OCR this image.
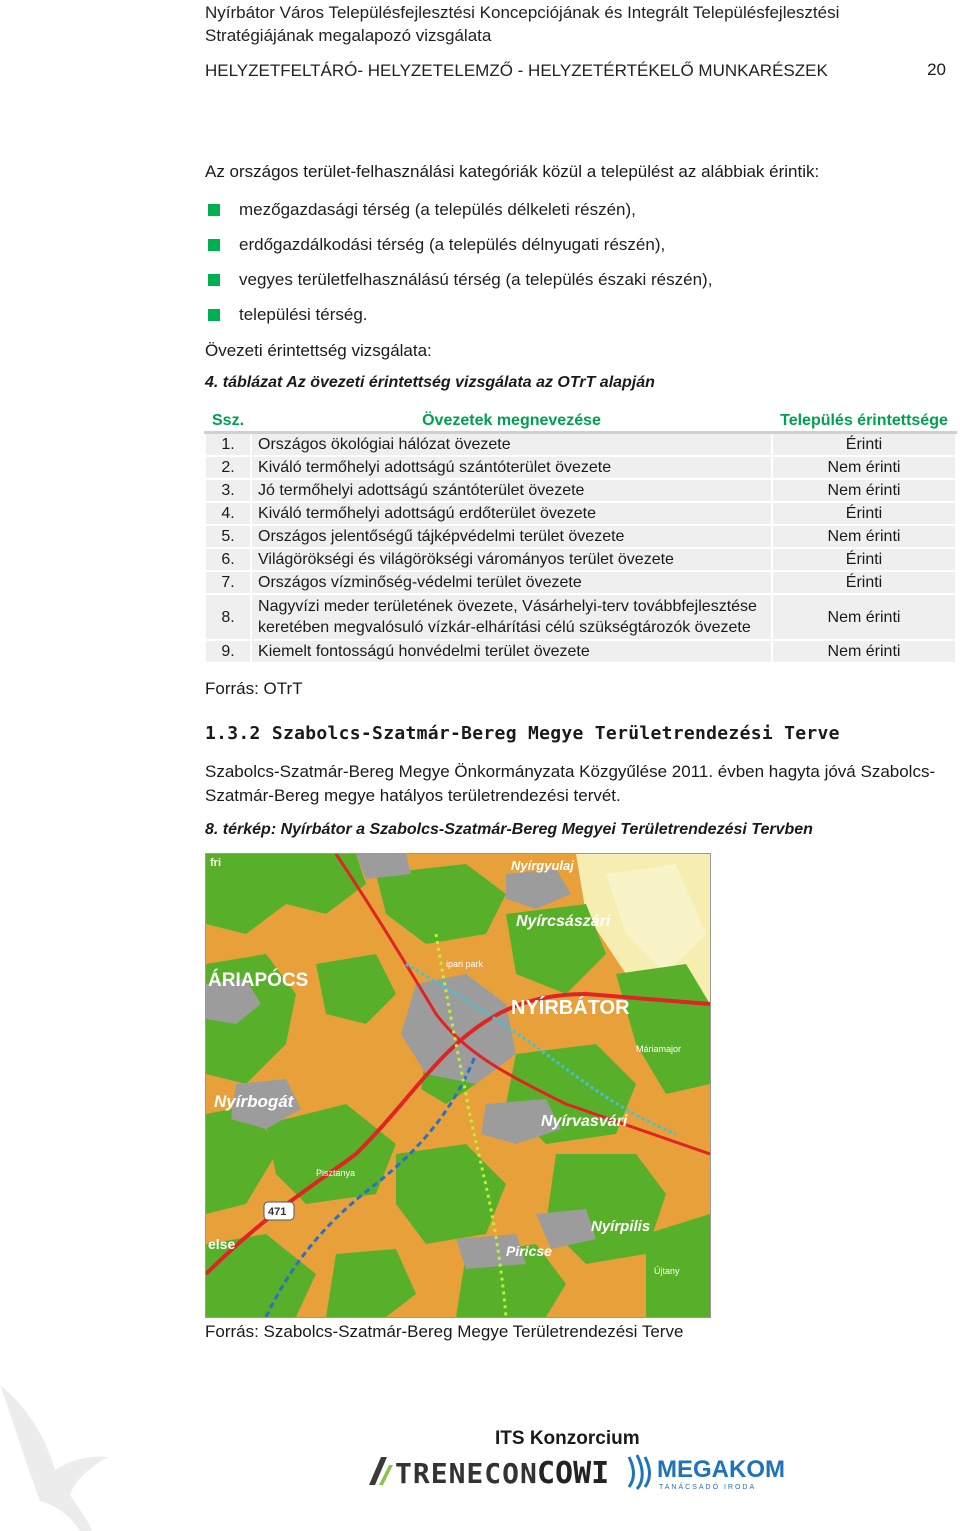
Nyírbátor Város Településfejlesztési Koncepciójának és Integrált Településfejlesztési
Stratégiájának megalapozó vizsgálata
HELYZETFELTÁRÓ- HELYZETELEMZŐ - HELYZETÉRTÉKELŐ MUNKARÉSZEK	20
Az országos terület-felhasználási kategóriák közül a települést az alábbiak érintik:
mezőgazdasági térség (a település délkeleti részén),
erdőgazdálkodási térség (a település délnyugati részén),
vegyes területfelhasználású térség (a település északi részén),
települési térség.
Övezeti érintettség vizsgálata:
4. táblázat Az övezeti érintettség vizsgálata az OTrT alapján
Ssz.	Övezetek megnevezése	Település érintettsége
1.	Országos ökológiai hálózat övezete	Érinti
2.	Kiváló termőhelyi adottságú szántóterület övezete	Nem érinti
3.	Jó termőhelyi adottságú szántóterület övezete	Nem érinti
4.	Kiváló termőhelyi adottságú erdőterület övezete	Érinti
5.	Országos jelentőségű tájképvédelmi terület övezete	Nem érinti
6.	Világörökségi és világörökségi várományos terület övezete	Érinti
7.	Országos vízminőség-védelmi terület övezete	Érinti
8.	Nagyvízi meder területének övezete, Vásárhelyi-terv továbbfejlesztése
keretében megvalósuló vízkár-elhárítási célú szükségtározók övezete	Nem érinti
9.	Kiemelt fontosságú honvédelmi terület övezete	Nem érinti
Forrás: OTrT
1.3.2 Szabolcs-Szatmár-Bereg Megye Területrendezési Terve
Szabolcs-Szatmár-Bereg Megye Önkormányzata Közgyűlése 2011. évben hagyta jóvá Szabolcs-Szatmár-Bereg megye hatályos területrendezési tervét.
8. térkép: Nyírbátor a Szabolcs-Szatmár-Bereg Megyei Területrendezési Tervben
fri	Nyírgyulaj
Nyírcsászári
ÁRIAPÓCS
ipari park
NYÍRBÁTOR
Máriamajor
Nyírbogát
Nyírvasvári
Pisztanya
471
Nyírpilis
else	Piricse
Újtany
Forrás: Szabolcs-Szatmár-Bereg Megye Területrendezési Terve
ITS Konzorcium
TRENECON COWI MEGAKOM
TANÁCSADÓ IRODA
